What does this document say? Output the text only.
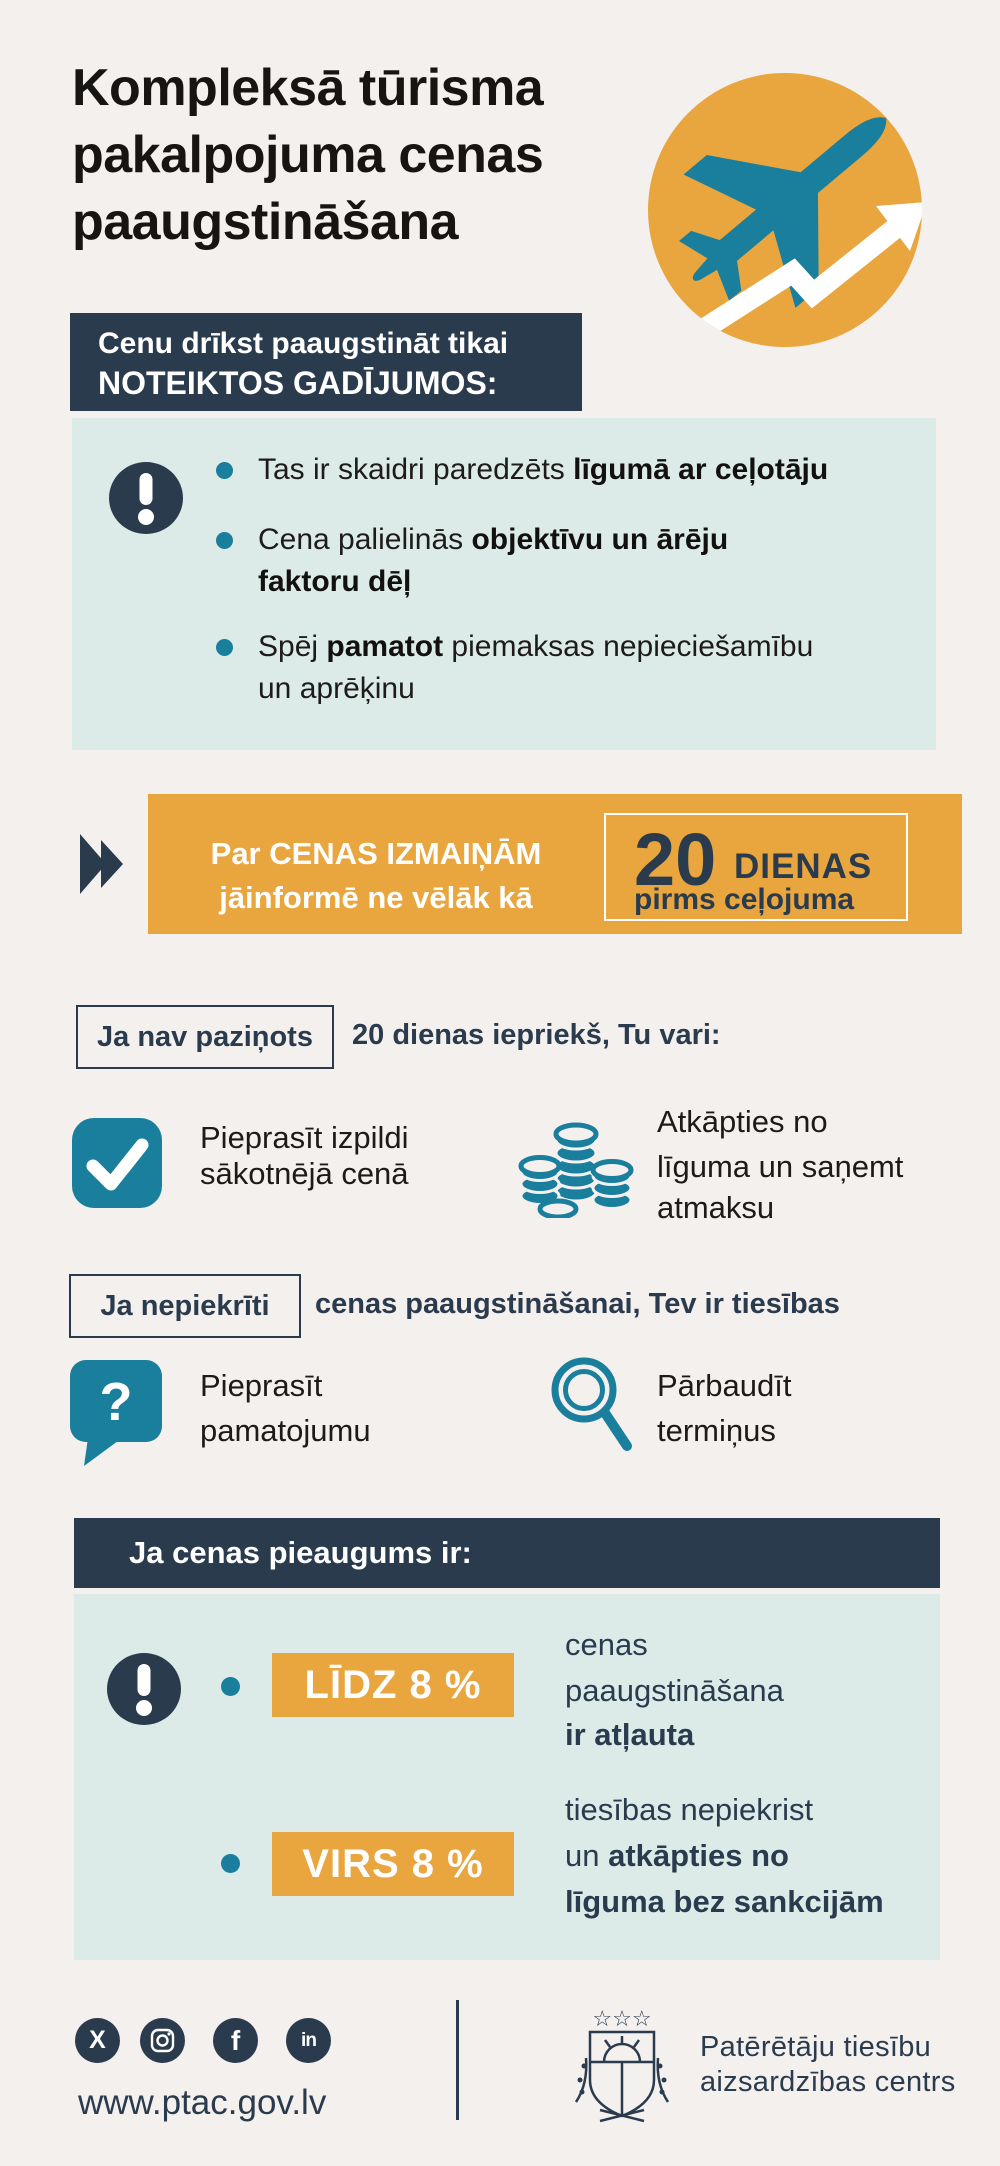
Kompleksā tūrisma
pakalpojuma cenas
paaugstināšana
Cenu drīkst paaugstināt tikai
NOTEIKTOS GADĪJUMOS:
Tas ir skaidri paredzēts līgumā ar ceļotāju
Cena palielinās objektīvu un ārēju
faktoru dēļ
Spēj pamatot piemaksas nepieciešamību
un aprēķinu
Par CENAS IZMAIŅĀM
jāinformē ne vēlāk kā	20 DIENAS
pirms ceļojuma
Ja nav paziņots	20 dienas iepriekš, Tu vari:
Pieprasīt izpildi
sākotnējā cenā
Atkāpties no
līguma un saņemt
atmaksu
Ja nepiekrīti	cenas paaugstināšanai, Tev ir tiesības
? Pieprasīt
pamatojumu
Pārbaudīt
termiņus
Ja cenas pieaugums ir:
LĪDZ 8 %
cenas
paaugstināšana
ir atļauta
VIRS 8 %
tiesības nepiekrist
un atkāpties no
līguma bez sankcijām
X	f	in
www.ptac.gov.lv
☆☆☆
Patērētāju tiesību
aizsardzības centrs
